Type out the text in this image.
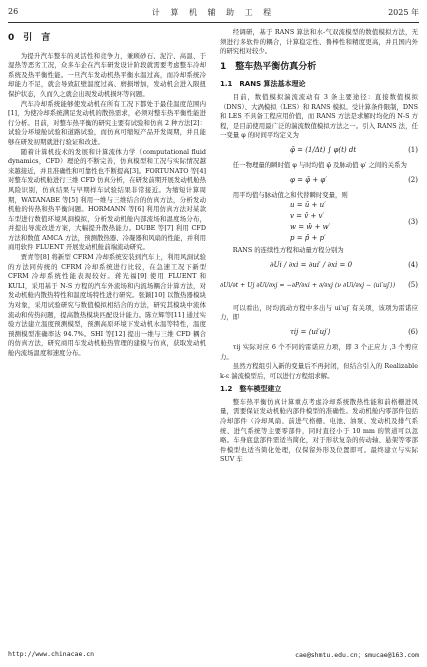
26	计 算 机 辅 助 工 程	2025 年
0　引　言

为提升汽车整车的灵活性和竞争力，兼顾砂石、泥泞、高温、于湿热等恶劣工况，众多车企在汽车研发设计阶段就需要考虑整车冷却系统及热平衡性能。一旦汽车发动机热平衡水温过高，而冷却系统冷却能力不足，就会导致缸壁温度过高、磨损增加，发动机会进入限扭保护状态，久而久之就会出现发动机损坏等问题。

汽车冷却系统能够使发动机在所有工况下都处于最佳温度范围内[1]，为使冷却系统满足发动机的散热需求，必须对整车热平衡性能进行分析。目前，对整车热平衡的研究主要有试验和仿真 2 种方法[2]：试验分环境舱试验和道路试验，而仿真可缩短产品开发周期，并且能够在研发初期就进行验证和改进。

随着计算机技术的发展和计算流体力学（computational fluid dynamics，CFD）理论的不断完善，仿真模型和工况与实际情况越来越接近，并且准确性和可靠性也不断提高[3]。FORTUNATO 等[4] 对整车发动机舱进行三维 CFD 仿真分析，在研发前期开展发动机舱热风险识别，仿真结果与早期样车试验结果非常接近。为缩短计算周期，WATANABE 等[5] 利用一维与三维结合的仿真方法，分析发动机舱的传热和热平衡问题。HORMANN 等[6] 利用仿真方法对某款车型进行数值环境风洞模拟，分析发动机舱内部流场和温度场分布，并提出导流改进方案，大幅提升散热能力。DUBE 等[7] 利用 CFD 方法和数值 AMCA 方法，预测散热器、冷凝器和风扇的性能，并利用商用软件 FLUENT 开展发动机舱前端流动研究。

贾青等[8] 将新型 CFRM 冷却系统安装到汽车上，利用风洞试验的方法同传统的 CFRM 冷却系统进行比较，在急速工况下新型 CFRM 冷却系统性能表现较好。蒋光福[9] 使用 FLUENT 和 KULI，采用基于 N-S 方程的汽车外流场和内流场耦合计算方法，对发动机舱内散热特性和温度场特性进行研究。张颖[10] 以散热器模块为对象，采用试验研究与数值模拟相结合的方法，研究其模块中流体流动和传热问题，提高散热模块匹配设计能力。陈立辉等[11] 通过实验方法建立温度预测模型，预测高原环境下发动机水温等特性，温度预测模型准确率达 94.7%。SHI 等[12] 提出一维与三维 CFD 耦合的仿真方法，研究商用车发动机舱热管理的建模与仿真，获取发动机舱内流场温度和速度分布。

经调研，基于 RANS 算法和水-气双流模型的数值模拟方法，无须进行多软件的耦合，计算稳定性、鲁棒性和精度更高，并且国内外的研究相对较少。

1　整车热平衡仿真分析
1.1　RANS 算法基本理论

目前，数值模拟湍流流动有 3 条主要途径：直接数值模拟（DNS）、大涡模拟（LES）和 RANS 模拟。受计算条件限制，DNS 和 LES 不具备工程应用价值，而 RANS 方法是求解时均化的 N-S 方程，是目前使用最广泛的湍流数值模拟方法之一。引入 RANS 法，任一变量 φ 的时间平均定义为

φ̄ = (1/Δt) ∫ φ(t) dt	(1)

任一物理量的瞬时值 φ 与时均值 φ̄ 及脉动值 φ′ 之间的关系为

φ = φ̄ + φ′	(2)

用平均值与脉动值之和代替瞬时变量，则

u = ū + u′
v = v̄ + v′
w = w̄ + w′
p = p̄ + p′
(3)

RANS 的连续性方程和动量方程分别为

∂Ui / ∂xi = ∂ui′ / ∂xi = 0	(4)
∂Ui/∂t + Uj ∂Ui/∂xj = −∂P/∂xi + ∂/∂xj (ν ∂Ui/∂xj − ⟨ui′uj′⟩)	(5)

可以看出，时均流动方程中多出与 ui′uj′ 有关项，该项为雷诺应力，即

τij = ⟨ui′uj′⟩	(6)

τij 实际对应 6 个不同的雷诺应力项，即 3 个正应力 ,3 个剪应力。

虽然方程组引入新的变量后不再封闭，但结合引入的 Realizable k-ε 湍流模型后，可以进行方程组求解。

1.2　整车模型建立

整车热平衡仿真计算重点考虑冷却系统散热性能和前格栅进风量，需要保证发动机舱内部件模型的准确性。发动机舱内零部件包括冷却部件（冷却风扇、前进气格栅、电池、油泵、发动机及排气系统、进气系统等主要零部件，同时直径小于 10 mm 的管道可以忽略。车身底盘部件需适当简化，对于形状复杂的传动轴、悬架等零部件模型也适当简化处理，仅保留外形及位置即可。最终建立与实际 SUV 车

http://www.chinacae.cn	cae@shmtu.edu.cn；smucae@163.com
